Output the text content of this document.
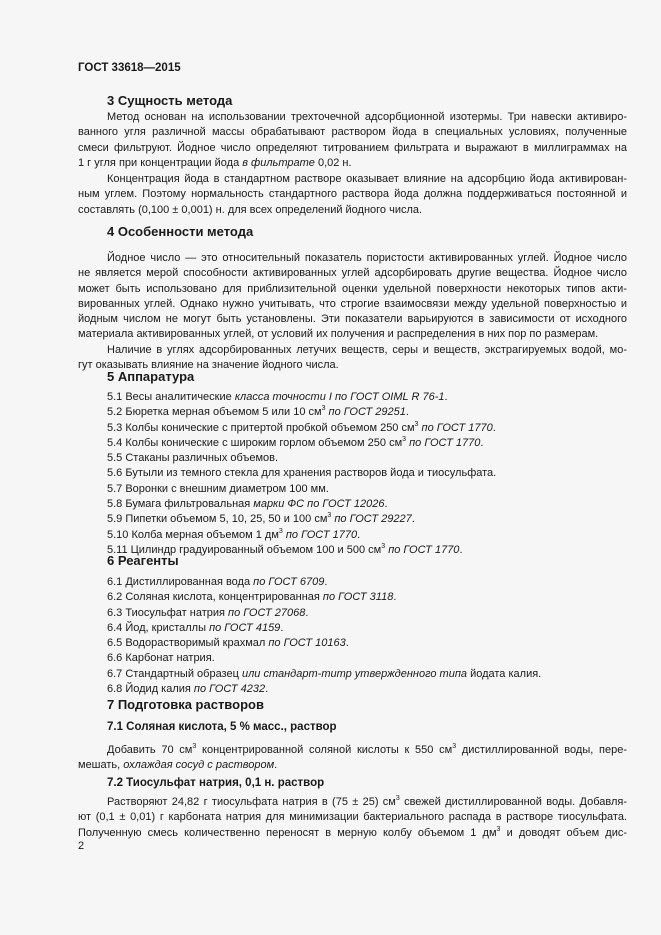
ГОСТ 33618—2015
3 Сущность метода
Метод основан на использовании трехточечной адсорбционной изотермы. Три навески активиро-
ванного угля различной массы обрабатывают раствором йода в специальных условиях, полученные
смеси фильтруют. Йодное число определяют титрованием фильтрата и выражают в миллиграммах на
1 г угля при концентрации йода в фильтрате 0,02 н.
Концентрация йода в стандартном растворе оказывает влияние на адсорбцию йода активирован-
ным углем. Поэтому нормальность стандартного раствора йода должна поддерживаться постоянной и
составлять (0,100 ± 0,001) н. для всех определений йодного числа.
4 Особенности метода
Йодное число — это относительный показатель пористости активированных углей. Йодное число
не является мерой способности активированных углей адсорбировать другие вещества. Йодное число
может быть использовано для приблизительной оценки удельной поверхности некоторых типов акти-
вированных углей. Однако нужно учитывать, что строгие взаимосвязи между удельной поверхностью и
йодным числом не могут быть установлены. Эти показатели варьируются в зависимости от исходного
материала активированных углей, от условий их получения и распределения в них пор по размерам.
Наличие в углях адсорбированных летучих веществ, серы и веществ, экстрагируемых водой, мо-
гут оказывать влияние на значение йодного числа.
5 Аппаратура
5.1 Весы аналитические класса точности I по ГОСТ OIML R 76-1.
5.2 Бюретка мерная объемом 5 или 10 $см^3$ по ГОСТ 29251.
5.3 Колбы конические с притертой пробкой объемом 250 $см^3$ по ГОСТ 1770.
5.4 Колбы конические с широким горлом объемом 250 $см^3$ по ГОСТ 1770.
5.5 Стаканы различных объемов.
5.6 Бутыли из темного стекла для хранения растворов йода и тиосульфата.
5.7 Воронки с внешним диаметром 100 мм.
5.8 Бумага фильтровальная марки ФС по ГОСТ 12026.
5.9 Пипетки объемом 5, 10, 25, 50 и 100 $см^3$ по ГОСТ 29227.
5.10 Колба мерная объемом 1 $дм^3$ по ГОСТ 1770.
5.11 Цилиндр градуированный объемом 100 и 500 $см^3$ по ГОСТ 1770.
6 Реагенты
6.1 Дистиллированная вода по ГОСТ 6709.
6.2 Соляная кислота, концентрированная по ГОСТ 3118.
6.3 Тиосульфат натрия по ГОСТ 27068.
6.4 Йод, кристаллы по ГОСТ 4159.
6.5 Водорастворимый крахмал по ГОСТ 10163.
6.6 Карбонат натрия.
6.7 Стандартный образец или стандарт-титр утвержденного типа йодата калия.
6.8 Йодид калия по ГОСТ 4232.
7 Подготовка растворов
7.1 Соляная кислота, 5 % масс., раствор
Добавить 70 $см^3$ концентрированной соляной кислоты к 550 $см^3$ дистиллированной воды, пере-
мешать, охлаждая сосуд с раствором.
7.2 Тиосульфат натрия, 0,1 н. раствор
Растворяют 24,82 г тиосульфата натрия в (75 ± 25) $см^3$ свежей дистиллированной воды. Добавля-
ют (0,1 ± 0,01) г карбоната натрия для минимизации бактериального распада в растворе тиосульфата.
Полученную смесь количественно переносят в мерную колбу объемом 1 $дм^3$ и доводят объем дис-
2
